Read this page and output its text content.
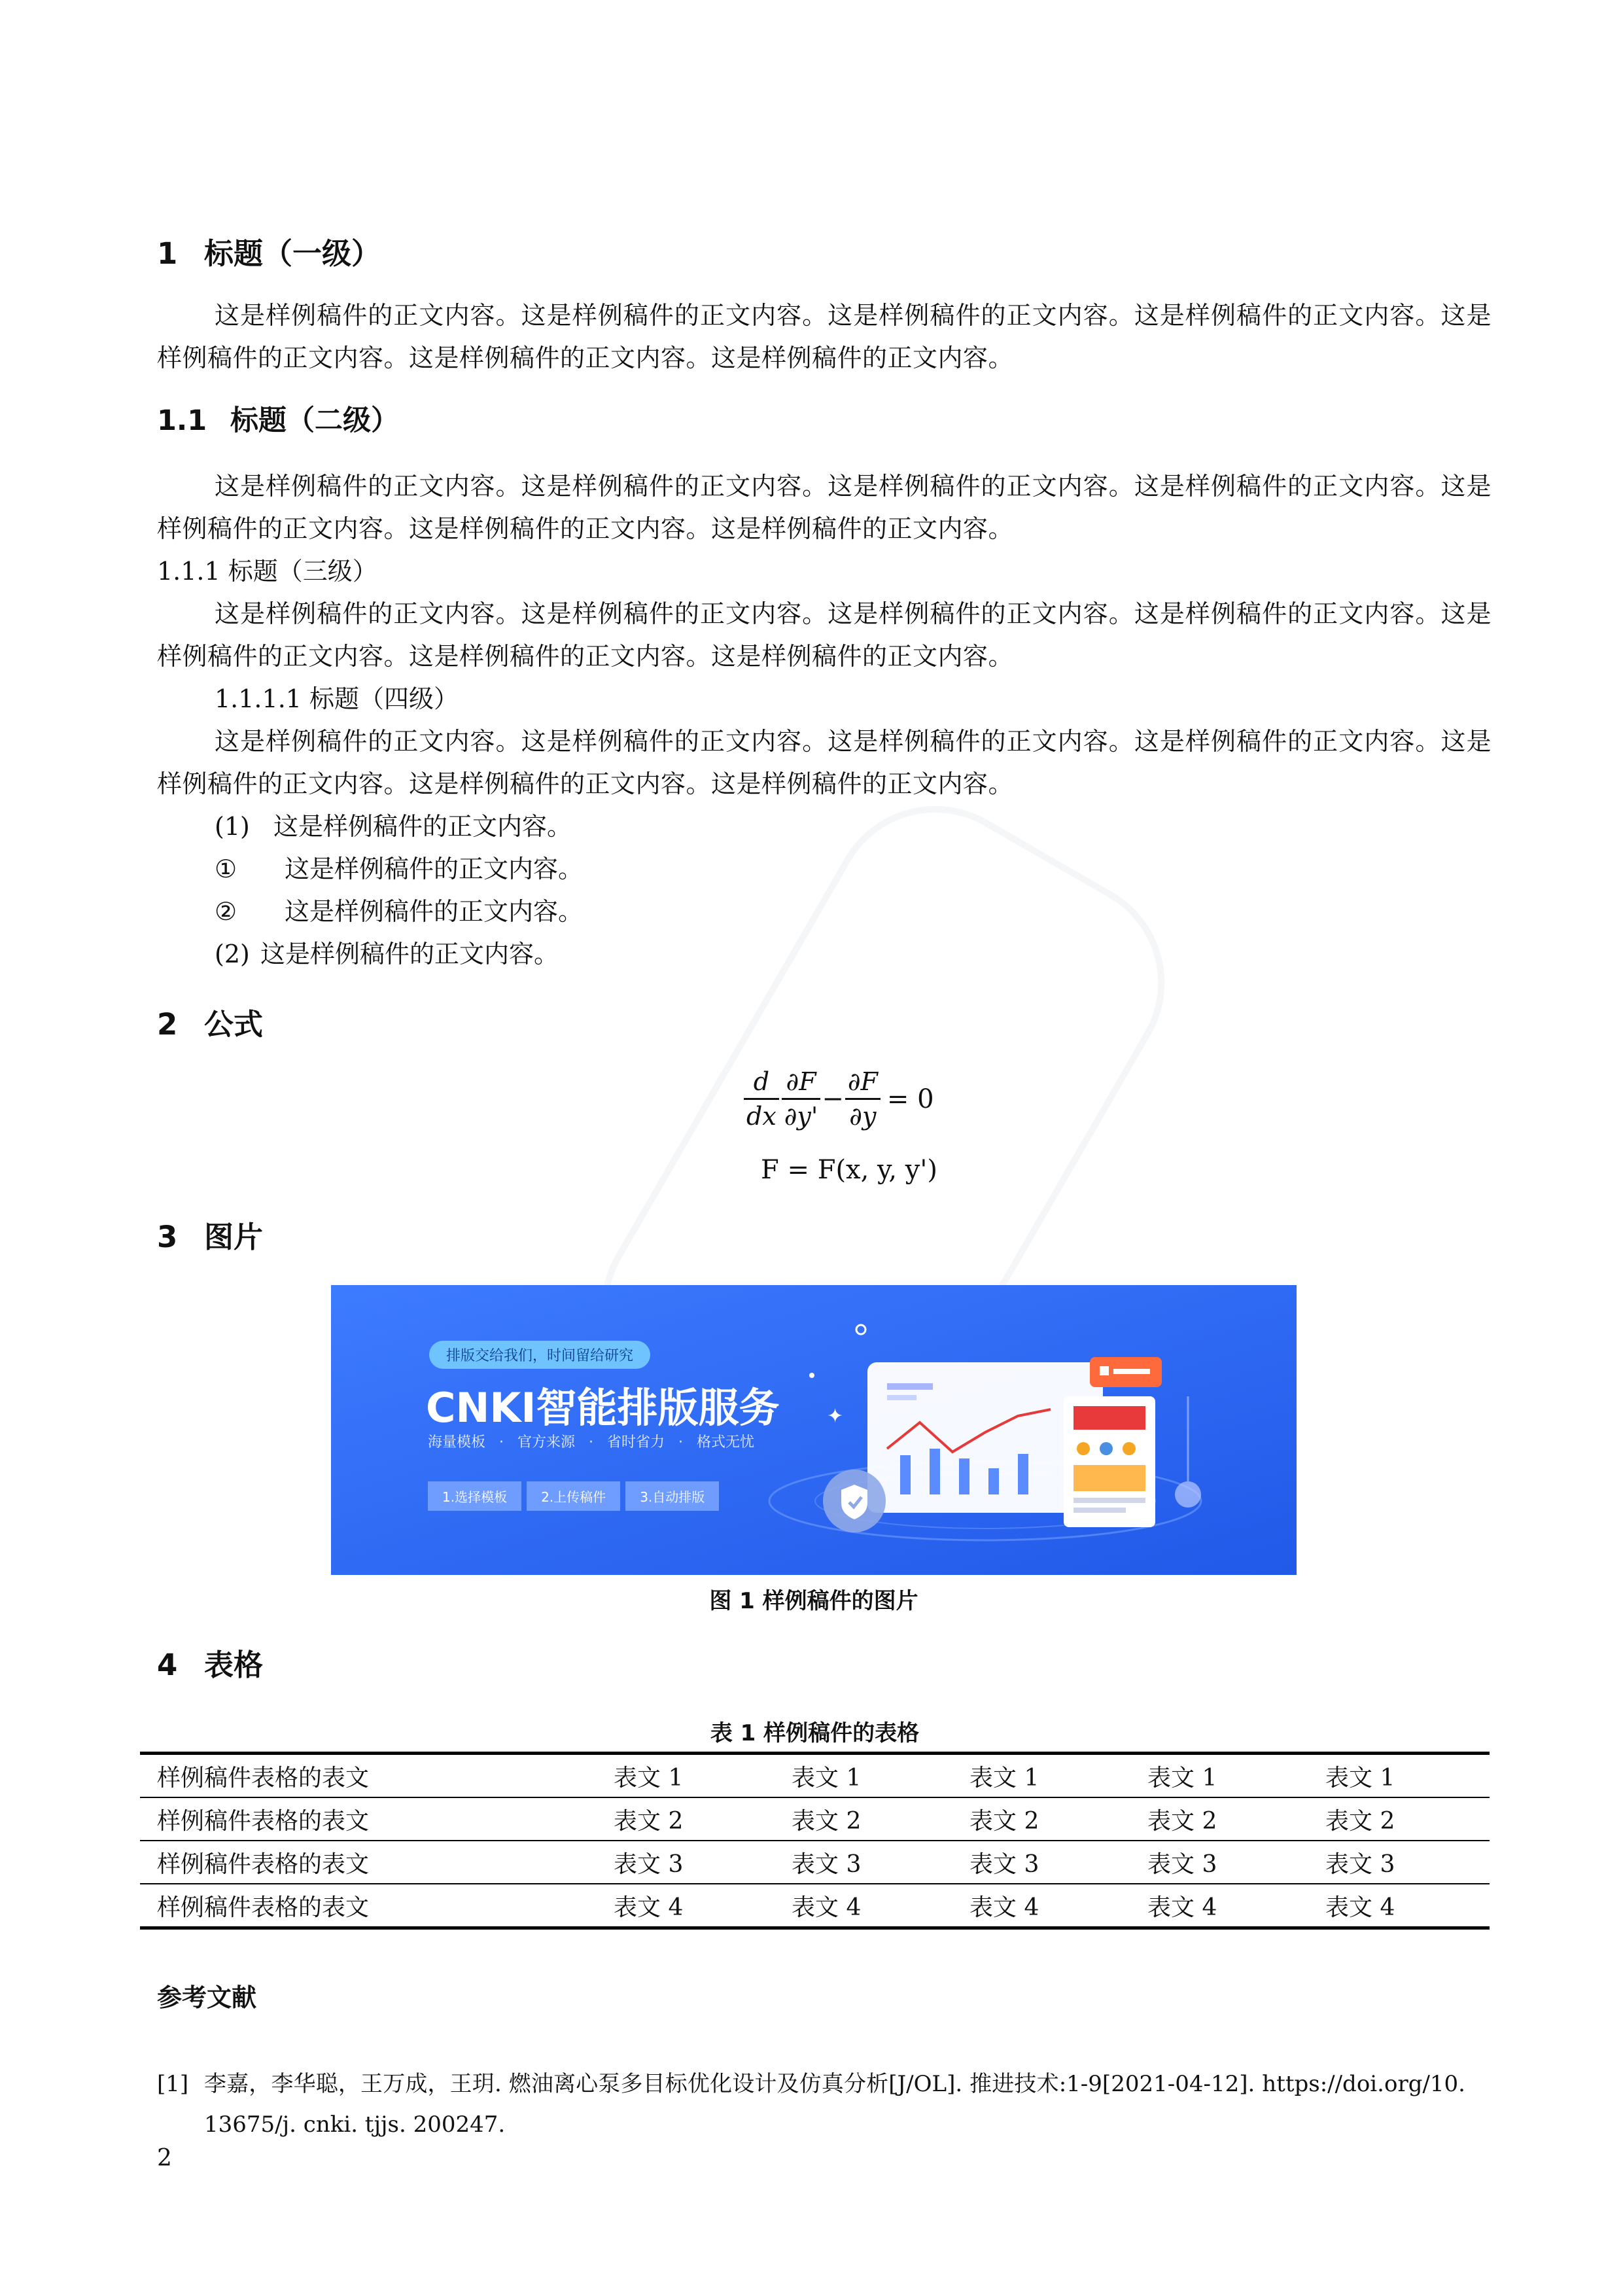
1 标题（一级）

这是样例稿件的正文内容。这是样例稿件的正文内容。这是样例稿件的正文内容。这是样例稿件的正文内容。这是样例稿件的正文内容。这是样例稿件的正文内容。这是样例稿件的正文内容。

1.1 标题（二级）

这是样例稿件的正文内容。这是样例稿件的正文内容。这是样例稿件的正文内容。这是样例稿件的正文内容。这是样例稿件的正文内容。这是样例稿件的正文内容。这是样例稿件的正文内容。

1.1.1 标题（三级）

这是样例稿件的正文内容。这是样例稿件的正文内容。这是样例稿件的正文内容。这是样例稿件的正文内容。这是样例稿件的正文内容。这是样例稿件的正文内容。这是样例稿件的正文内容。

1.1.1.1 标题（四级）

这是样例稿件的正文内容。这是样例稿件的正文内容。这是样例稿件的正文内容。这是样例稿件的正文内容。这是样例稿件的正文内容。这是样例稿件的正文内容。这是样例稿件的正文内容。

(1) 这是样例稿件的正文内容。
① 这是样例稿件的正文内容。
② 这是样例稿件的正文内容。
(2) 这是样例稿件的正文内容。
2 公式
$\frac{d}{dx} \frac{\partial F}{\partial y'} - \frac{\partial F}{\partial y} = 0$
F = F(x, y, y')
3 图片
✦
排版交给我们，时间留给研究
CNKI智能排版服务
海量模板 · 官方来源 · 省时省力 · 格式无忧
1.选择模板	2.上传稿件	3.自动排版
图 1 样例稿件的图片
4 表格
表 1 样例稿件的表格
样例稿件表格的表文	表文 1	表文 1	表文 1	表文 1	表文 1
样例稿件表格的表文	表文 2	表文 2	表文 2	表文 2	表文 2
样例稿件表格的表文	表文 3	表文 3	表文 3	表文 3	表文 3
样例稿件表格的表文	表文 4	表文 4	表文 4	表文 4	表文 4
参考文献
[1] 李嘉，李华聪，王万成，王玥. 燃油离心泵多目标优化设计及仿真分析[J/OL]. 推进技术:1-9[2021-04-12]. https://doi.org/10. 13675/j. cnki. tjjs. 200247.
2
